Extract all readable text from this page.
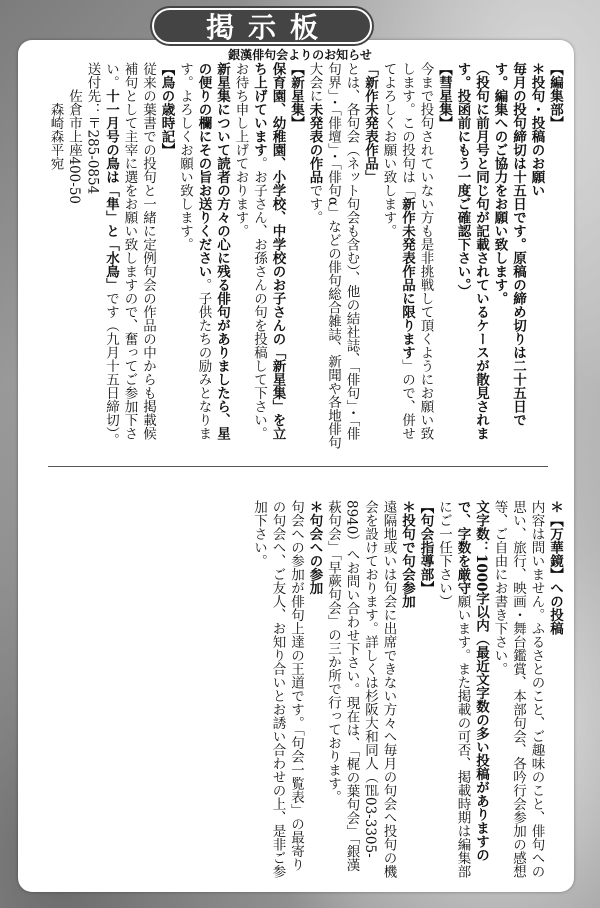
掲示板
銀漢俳句会よりのお知らせ

【編集部】

＊投句・投稿のお願い

毎月の投句締切は十五日です。原稿の締め切りは二十五日です。編集へのご協力をお願い致します。

（投句に前月号と同じ句が記載されているケースが散見されます。投函前にもう一度ご確認下さい。）

【彗星集】

今まで投句されていない方も是非挑戦して頂くようにお願い致します。この投句は「新作未発表作品に限ります」ので、併せてよろしくお願い致します。

「新作未発表作品」

とは、各句会（ネット句会も含む）、他の結社誌、「俳句」・「俳句界」・「俳壇」・「俳句α」などの俳句総合雑誌、新聞や各地俳句大会に未発表の作品です。

【新星集】

保育園、幼稚園、小学校、中学校のお子さんの「新星集」を立ち上げています。お子さん、お孫さんの句を投稿して下さい。お待ち申し上げております。

新星集について読者の方々の心に残る俳句がありましたら、星の便りの欄にその旨お送りください。子供たちの励みとなります。よろしくお願い致します。

【鳥の歳時記】

従来の葉書での投句と一緒に定例句会の作品の中からも掲載候補句として主宰に選をお願い致しますので、奮ってご参加下さい。十一月号の鳥は「隼」と「水鳥」です（九月十五日締切）。

送付先：〒285‐0854

　　佐倉市上座400‐50

　　　森崎森平宛

＊【万華鏡】への投稿

内容は問いません。ふるさとのこと、ご趣味のこと、俳句への思い、旅行、映画・舞台鑑賞、本部句会、各吟行会参加の感想等、ご自由にお書き下さい。

文字数：1000字以内（最近文字数の多い投稿がありますので、字数を厳守願います。また掲載の可否、掲載時期は編集部にご一任下さい）

【句会指導部】

＊投句で句会参加

遠隔地或いは句会に出席できない方々へ毎月の句会へ投句の機会を設けております。詳しくは杉阪大和同人（℡03‐3305‐8940）へお問い合わせ下さい。現在は、「梶の葉句会」「銀漢萩句会」「早蕨句会」の三か所で行っております。

＊句会への参加

句会への参加が俳句上達の王道です。「句会一覧表」の最寄りの句会へ、ご友人、お知り合いとお誘い合わせの上、是非ご参加下さい。
